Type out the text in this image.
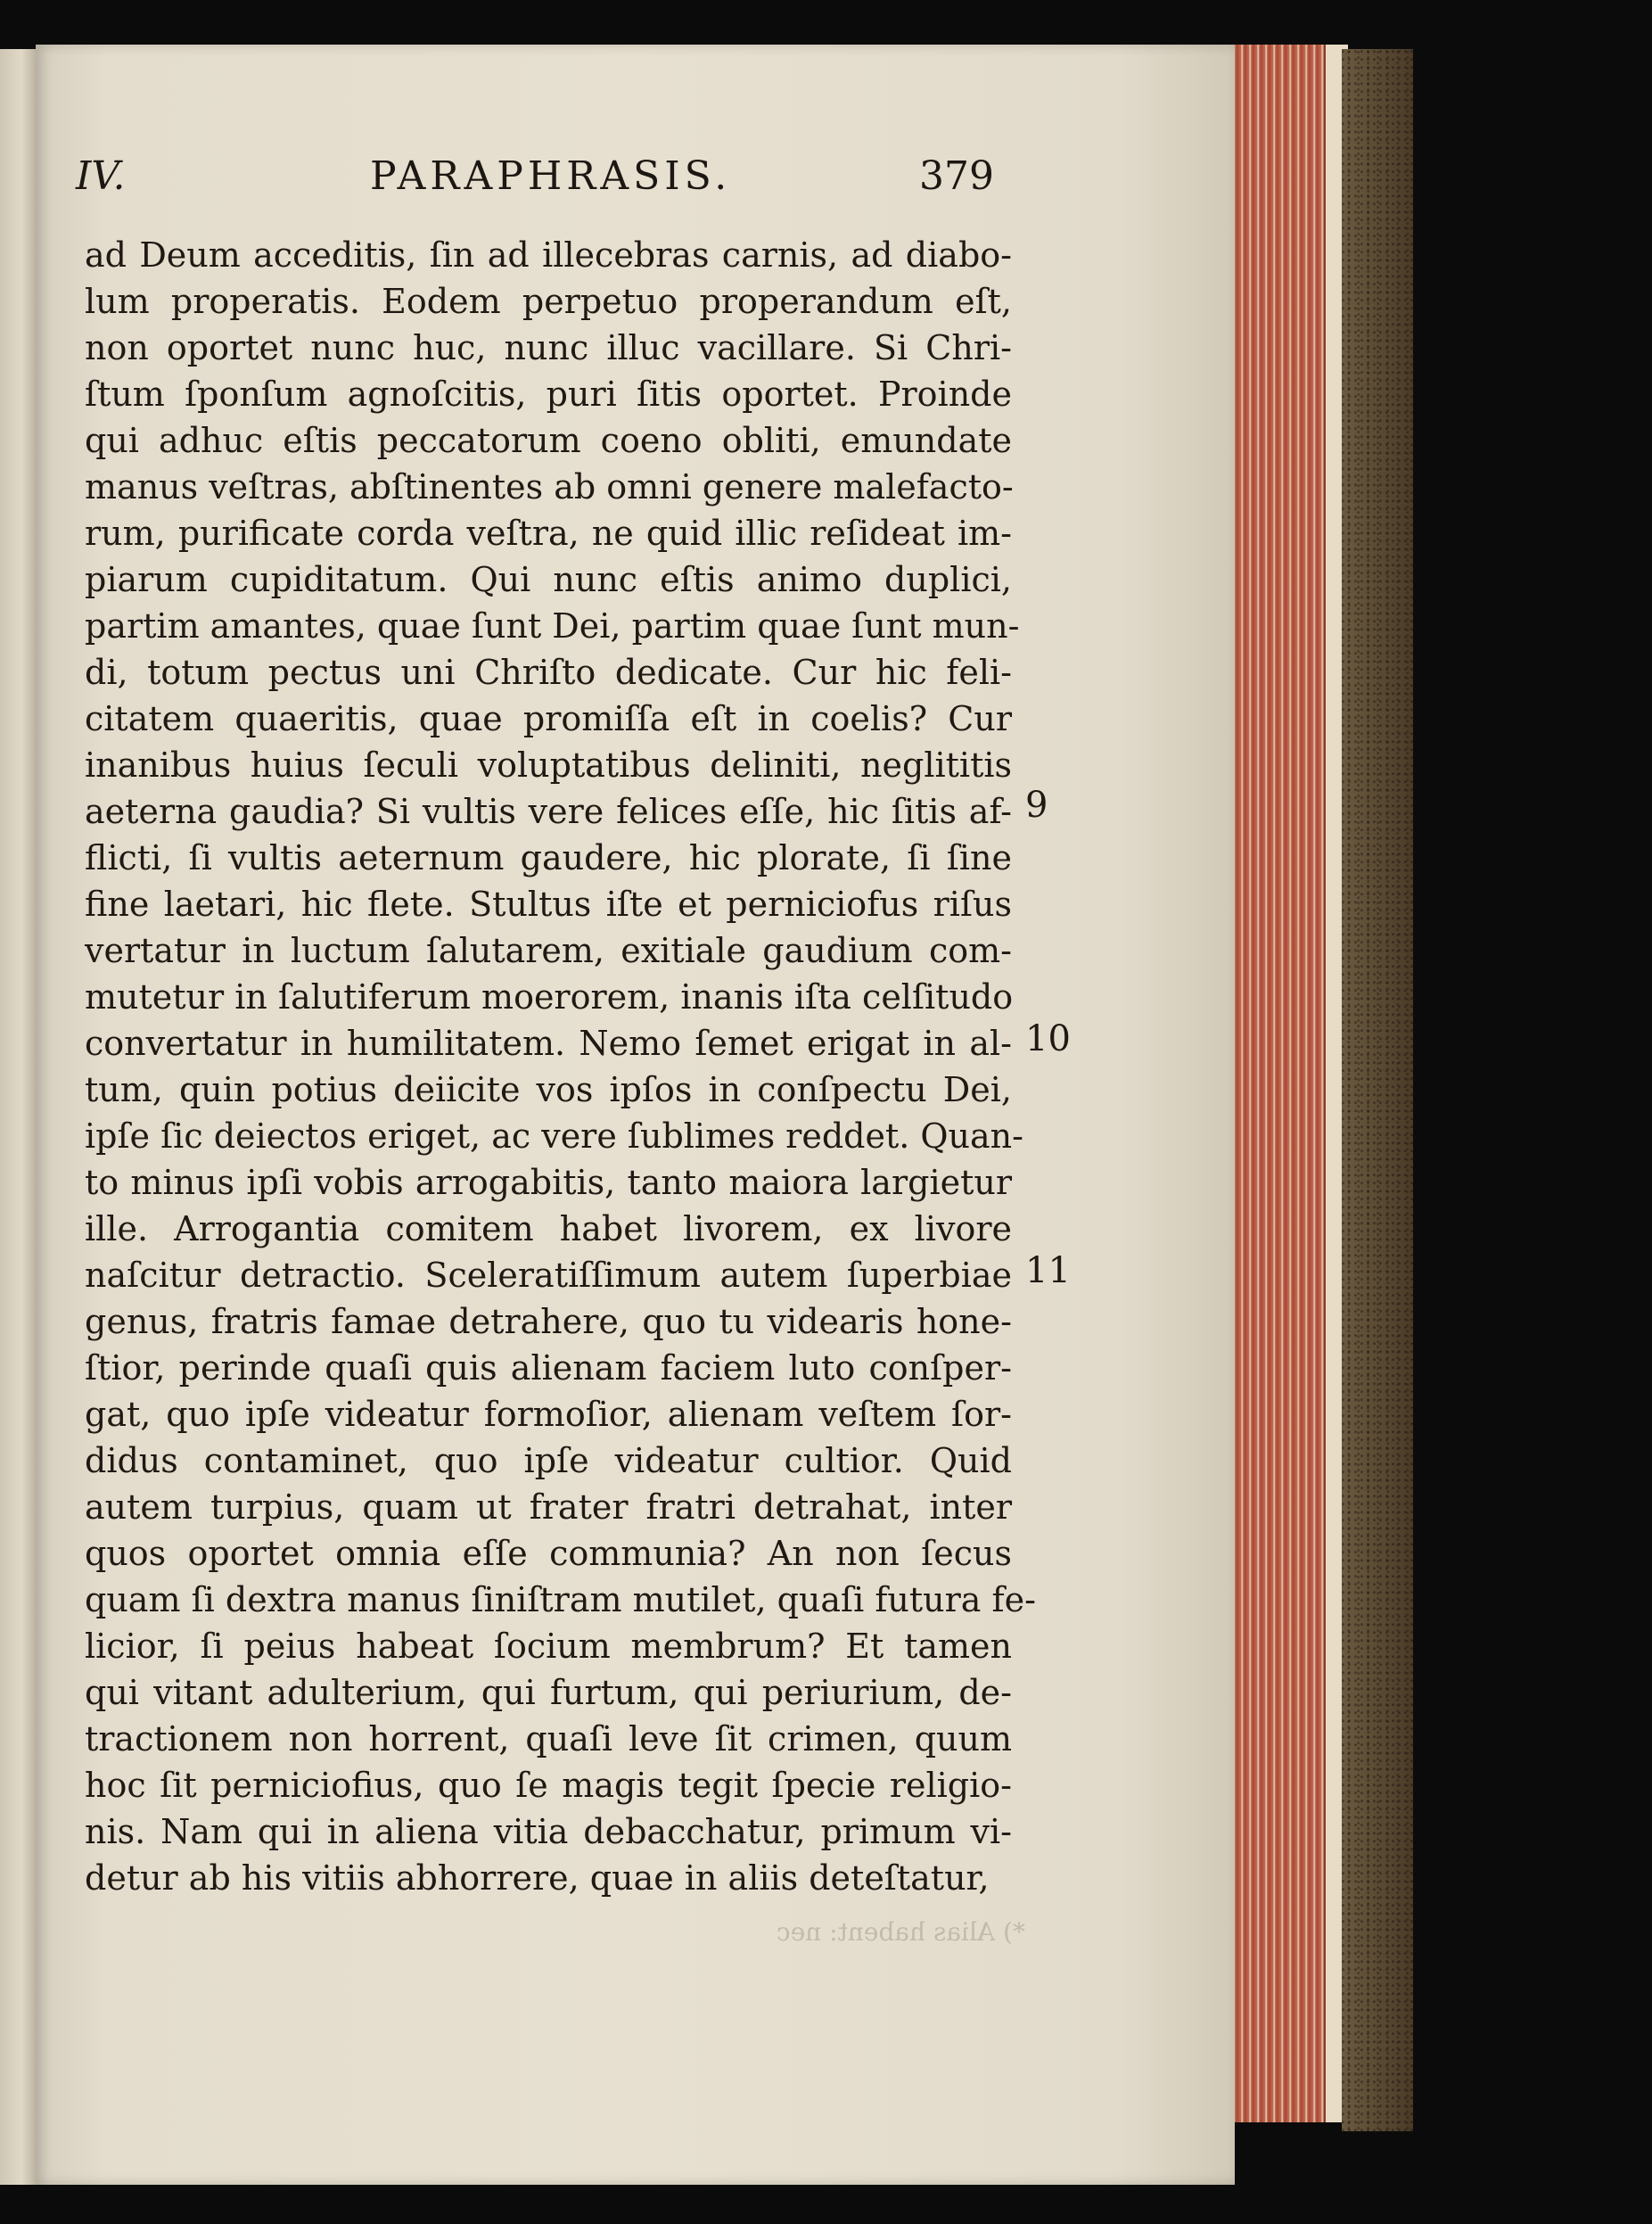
IV.	PARAPHRASIS.	379
ad Deum acceditis, ſin ad illecebras carnis, ad diabo-
lum properatis. Eodem perpetuo properandum eſt,
non oportet nunc huc, nunc illuc vacillare. Si Chri-
ſtum ſponſum agnoſcitis, puri ſitis oportet. Proinde
qui adhuc eſtis peccatorum coeno obliti, emundate
manus veſtras, abſtinentes ab omni genere malefacto-
rum, purificate corda veſtra, ne quid illic reſideat im-
piarum cupiditatum. Qui nunc eſtis animo duplici,
partim amantes, quae ſunt Dei, partim quae ſunt mun-
di, totum pectus uni Chriſto dedicate. Cur hic feli-
citatem quaeritis, quae promiſſa eſt in coelis? Cur
inanibus huius ſeculi voluptatibus deliniti, neglititis
aeterna gaudia? Si vultis vere felices eſſe, hic ſitis af-
flicti, ſi vultis aeternum gaudere, hic plorate, ſi ſine
fine laetari, hic flete. Stultus iſte et perniciofus riſus
vertatur in luctum ſalutarem, exitiale gaudium com-
mutetur in ſalutiferum moerorem, inanis iſta celſitudo
convertatur in humilitatem. Nemo ſemet erigat in al-
tum, quin potius deiicite vos ipſos in conſpectu Dei,
ipſe ſic deiectos eriget, ac vere ſublimes reddet. Quan-
to minus ipſi vobis arrogabitis, tanto maiora largietur
ille. Arrogantia comitem habet livorem, ex livore
naſcitur detractio. Sceleratiſſimum autem ſuperbiae
genus, fratris famae detrahere, quo tu videaris hone-
ſtior, perinde quaſi quis alienam faciem luto conſper-
gat, quo ipſe videatur formoſior, alienam veſtem ſor-
didus contaminet, quo ipſe videatur cultior. Quid
autem turpius, quam ut frater fratri detrahat, inter
quos oportet omnia eſſe communia? An non ſecus
quam ſi dextra manus ſiniſtram mutilet, quaſi futura fe-
licior, ſi peius habeat ſocium membrum? Et tamen
qui vitant adulterium, qui furtum, qui periurium, de-
tractionem non horrent, quaſi leve ſit crimen, quum
hoc ſit perniciofius, quo ſe magis tegit ſpecie religio-
nis. Nam qui in aliena vitia debacchatur, primum vi-
detur ab his vitiis abhorrere, quae in aliis deteſtatur,
9
10
11
*) Alias habent: nec
